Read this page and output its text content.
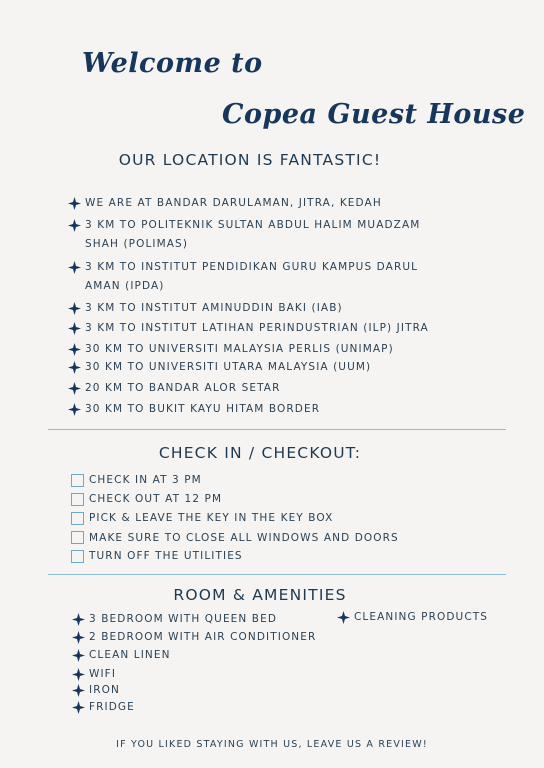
Welcome to
Copea Guest House
OUR LOCATION IS FANTASTIC!
WE ARE AT BANDAR DARULAMAN, JITRA, KEDAH
3 KM TO POLITEKNIK SULTAN ABDUL HALIM MUADZAM
SHAH (POLIMAS)
3 KM TO INSTITUT PENDIDIKAN GURU KAMPUS DARUL
AMAN (IPDA)
3 KM TO INSTITUT AMINUDDIN BAKI (IAB)
3 KM TO INSTITUT LATIHAN PERINDUSTRIAN (ILP) JITRA
30 KM TO UNIVERSITI MALAYSIA PERLIS (UNIMAP)
30 KM TO UNIVERSITI UTARA MALAYSIA (UUM)
20 KM TO BANDAR ALOR SETAR
30 KM TO BUKIT KAYU HITAM BORDER
CHECK IN / CHECKOUT:
CHECK IN AT 3 PM
CHECK OUT AT 12 PM
PICK & LEAVE THE KEY IN THE KEY BOX
MAKE SURE TO CLOSE ALL WINDOWS AND DOORS
TURN OFF THE UTILITIES
ROOM & AMENITIES
3 BEDROOM WITH QUEEN BED
2 BEDROOM WITH AIR CONDITIONER
CLEAN LINEN
WIFI
IRON
FRIDGE
CLEANING PRODUCTS
IF YOU LIKED STAYING WITH US, LEAVE US A REVIEW!
